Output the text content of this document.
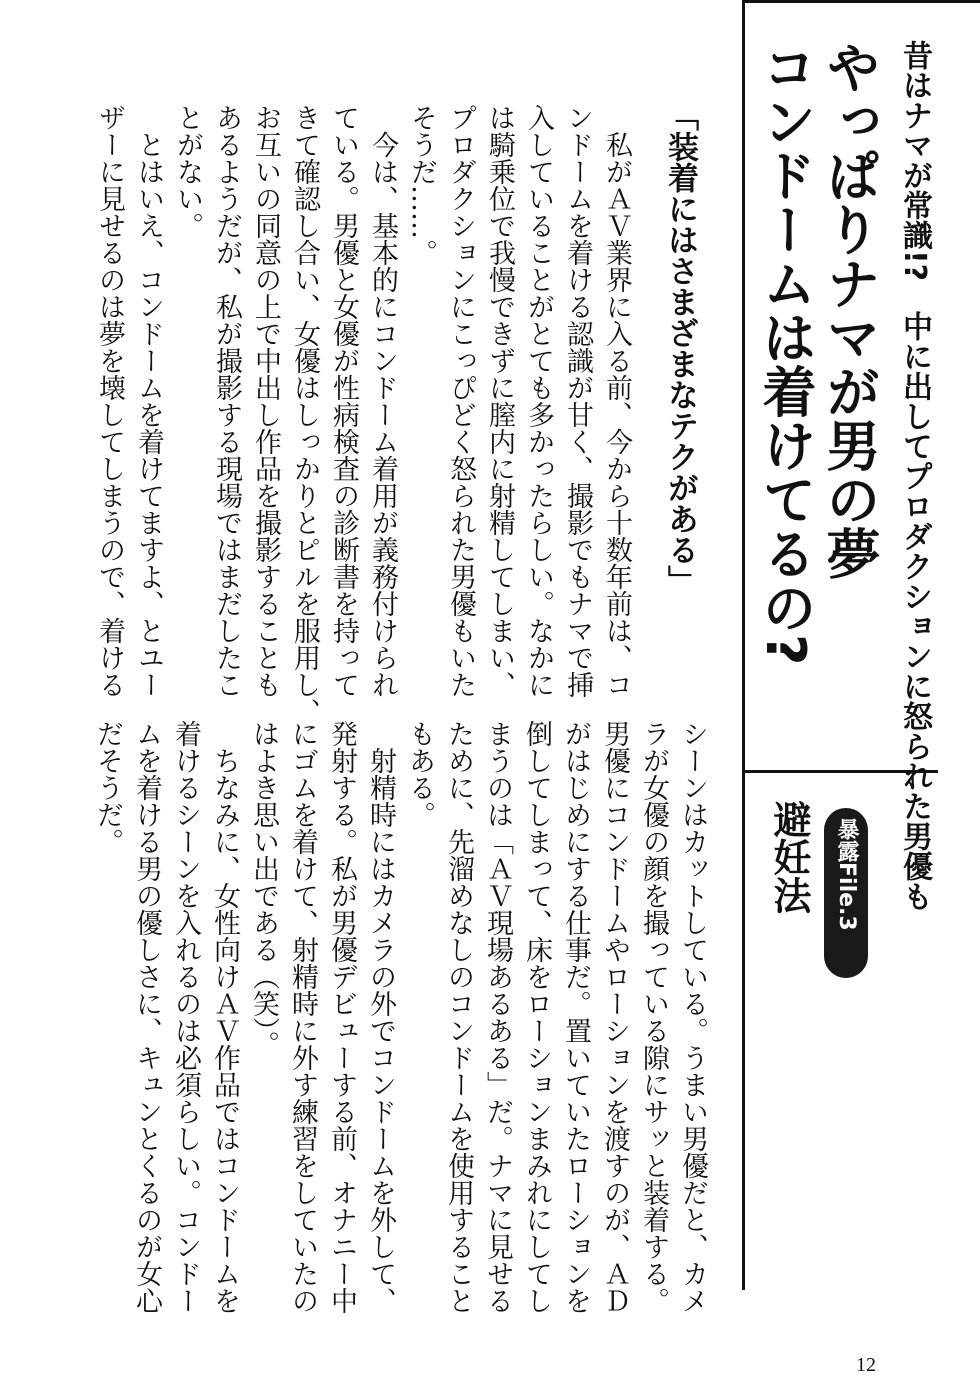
昔はナマが常識!?　中に出してプロダクションに怒られた男優も
やっぱりナマが男の夢
コンドームは着けてるの?
暴露File.3
避妊法
「装着にはさまざまなテクがある」
　私がＡＶ業界に入る前、今から十数年前は、コ
ンドームを着ける認識が甘く、撮影でもナマで挿
入していることがとても多かったらしい。なかに
は騎乗位で我慢できずに膣内に射精してしまい、
プロダクションにこっぴどく怒られた男優もいた
そうだ……。
　今は、基本的にコンドーム着用が義務付けられ
ている。男優と女優が性病検査の診断書を持って
きて確認し合い、女優はしっかりとピルを服用し、
お互いの同意の上で中出し作品を撮影することも
あるようだが、私が撮影する現場ではまだしたこ
とがない。
　とはいえ、コンドームを着けてますよ、とユー
ザーに見せるのは夢を壊してしまうので、着ける
シーンはカットしている。うまい男優だと、カメ
ラが女優の顔を撮っている隙にサッと装着する。
男優にコンドームやローションを渡すのが、ＡＤ
がはじめにする仕事だ。置いていたローションを
倒してしまって、床をローションまみれにしてし
まうのは「ＡＶ現場あるある」だ。ナマに見せる
ために、先溜めなしのコンドームを使用すること
もある。
　射精時にはカメラの外でコンドームを外して、
発射する。私が男優デビューする前、オナニー中
にゴムを着けて、射精時に外す練習をしていたの
はよき思い出である（笑）。
　ちなみに、女性向けＡＶ作品ではコンドームを
着けるシーンを入れるのは必須らしい。コンドー
ムを着ける男の優しさに、キュンとくるのが女心
だそうだ。
12
